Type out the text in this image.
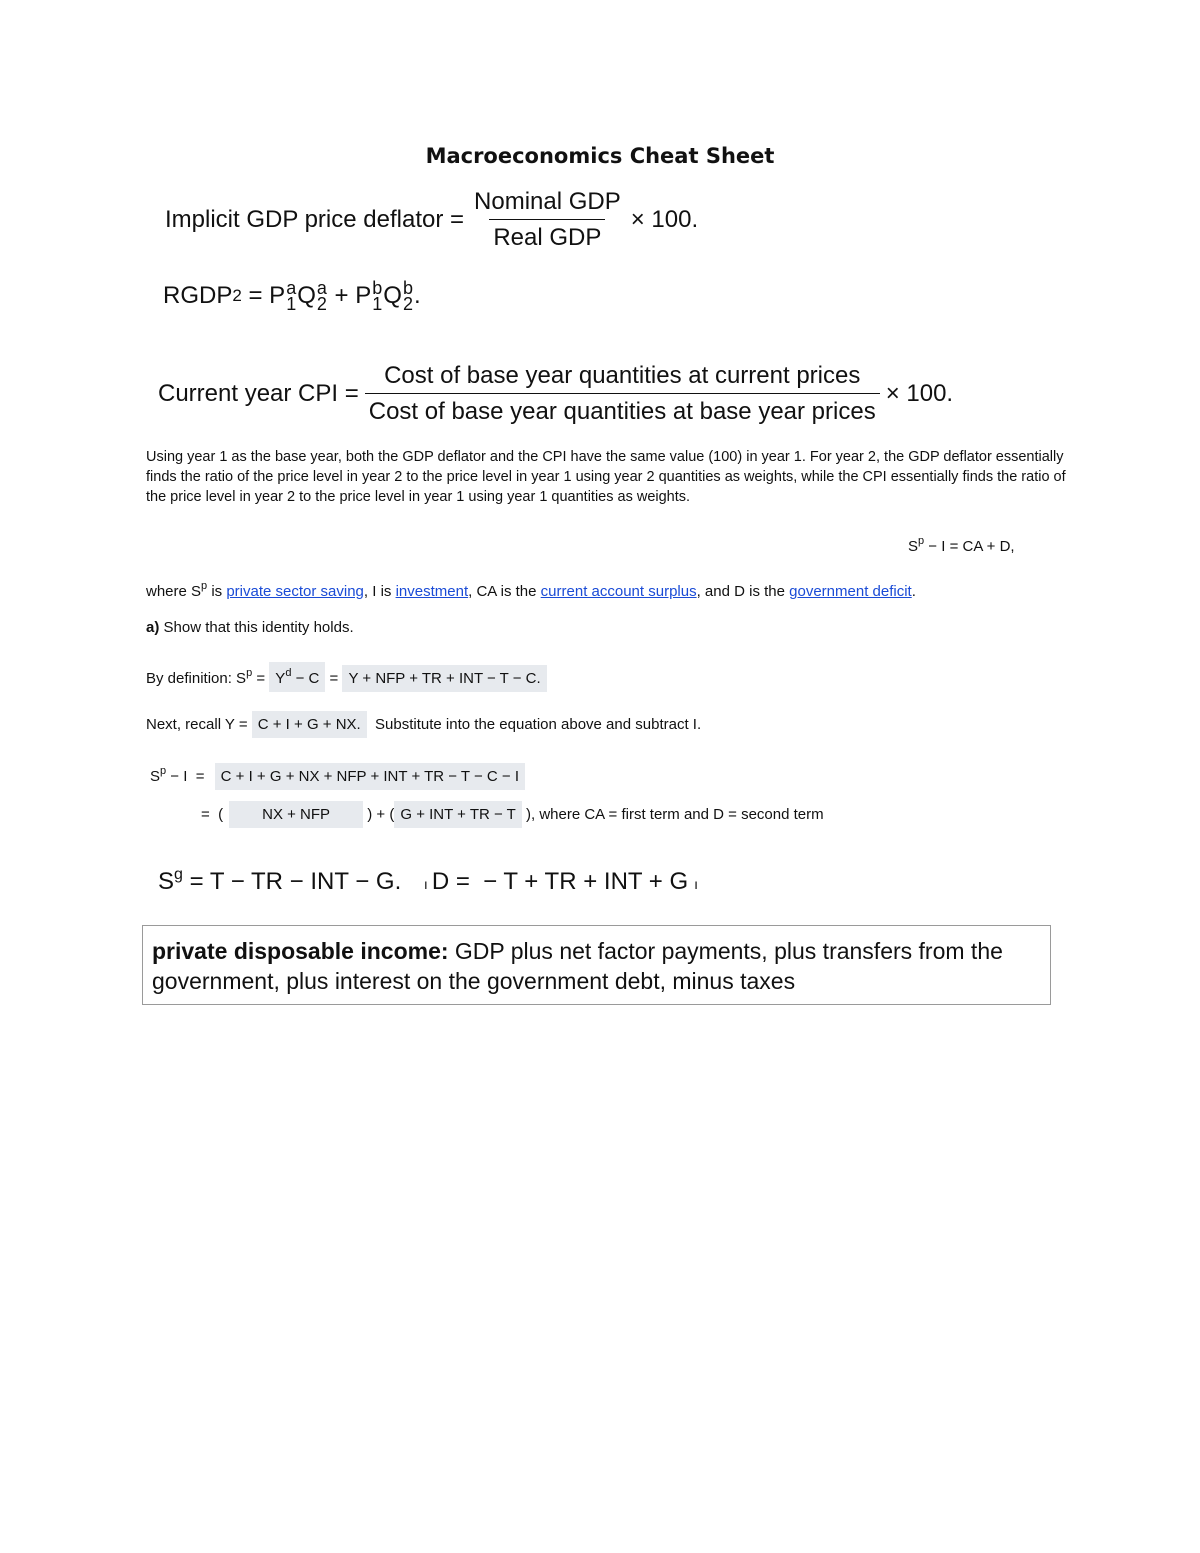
Macroeconomics Cheat Sheet
Implicit GDP price deflator = $\frac{\text{Nominal GDP}}{\text{Real GDP}} \times 100$.
RGDP 2 = P a
1 Q a
2 + P b
1 Q b
2 .
Current year CPI = $\frac{\text{Cost of base year quantities at current prices}}{\text{Cost of base year quantities at base year prices}} \times 100$.
Using year 1 as the base year, both the GDP deflator and the CPI have the same value (100) in year 1. For year 2, the GDP deflator essentially finds the ratio of the price level in year 2 to the price level in year 1 using year 2 quantities as weights, while the CPI essentially finds the ratio of the price level in year 2 to the price level in year 1 using year 1 quantities as weights.
$S^p - I$ = CA + D,
where $S^p$ is private sector saving, I is investment, CA is the current account surplus, and D is the government deficit.
a) Show that this identity holds.
By definition: $S^p = Y^d - C = Y$ + NFP + TR + INT − T − C.
Next, recall Y = C + I + G + NX.  Substitute into the equation above and subtract I.
$S^p - I = C + I + G$ + NX + NFP + INT + TR − T − C − I
=  (	NX + NFP ) + ( G + INT + TR − T ), where CA = first term and D = second term
$S^g = T$ − TR − INT − G. ı D =  − T + TR + INT + G ı
private disposable income: GDP plus net factor payments, plus transfers from the government, plus interest on the government debt, minus taxes
